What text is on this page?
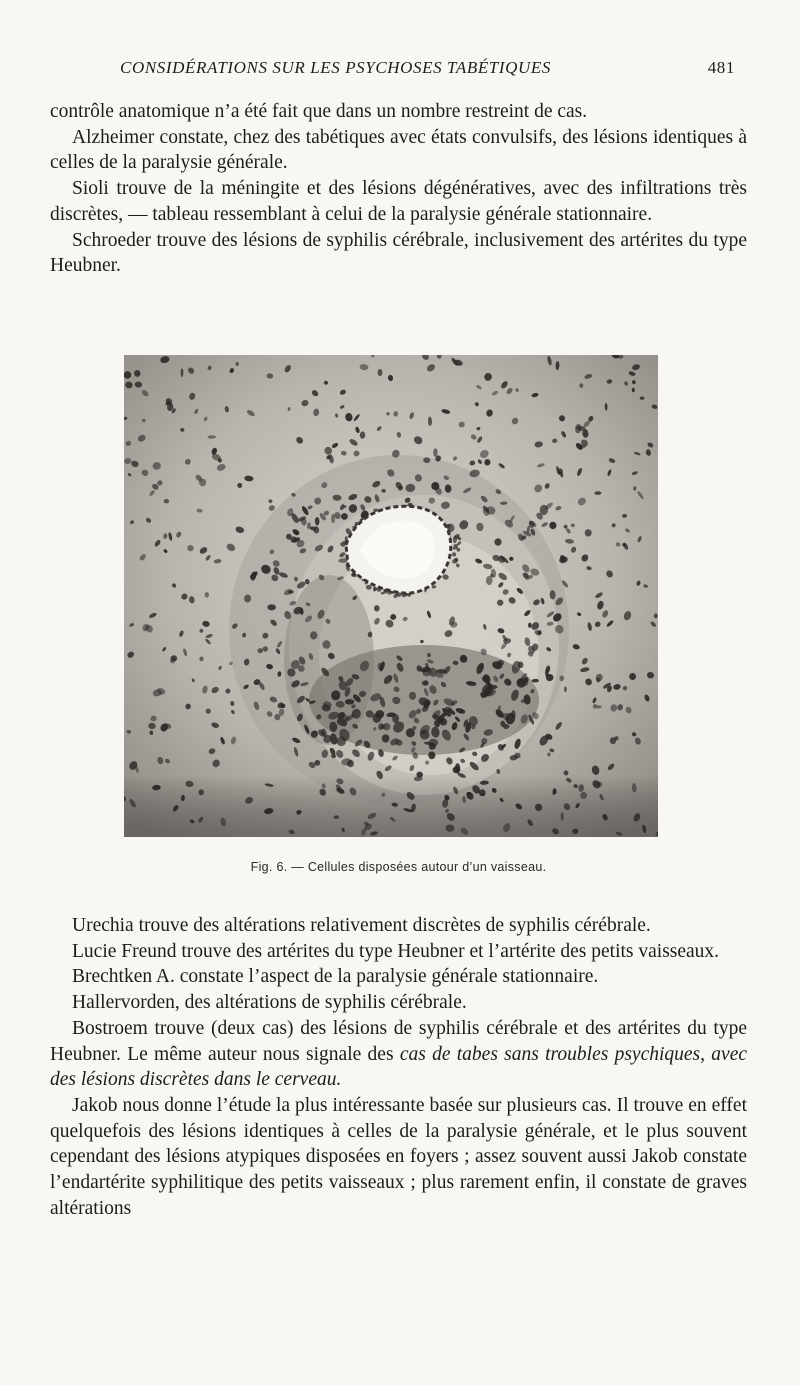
CONSIDÉRATIONS SUR LES PSYCHOSES TABÉTIQUES	481

contrôle anatomique n’a été fait que dans un nombre restreint de cas.

Alzheimer constate, chez des tabétiques avec états convulsifs, des lésions identiques à celles de la paralysie générale.

Sioli trouve de la méningite et des lésions dégénératives, avec des infiltrations très discrètes, — tableau ressemblant à celui de la paralysie générale stationnaire.

Schroeder trouve des lésions de syphilis cérébrale, inclusivement des artérites du type Heubner.

Fig. 6. — Cellules disposées autour d’un vaisseau.

Urechia trouve des altérations relativement discrètes de syphilis cérébrale.

Lucie Freund trouve des artérites du type Heubner et l’artérite des petits vaisseaux.

Brechtken A. constate l’aspect de la paralysie générale stationnaire.

Hallervorden, des altérations de syphilis cérébrale.

Bostroem trouve (deux cas) des lésions de syphilis cérébrale et des artérites du type Heubner. Le même auteur nous signale des cas de tabes sans troubles psychiques, avec des lésions discrètes dans le cerveau.

Jakob nous donne l’étude la plus intéressante basée sur plusieurs cas. Il trouve en effet quelquefois des lésions identiques à celles de la paralysie générale, et le plus souvent cependant des lésions atypiques disposées en foyers ; assez souvent aussi Jakob constate l’endartérite syphilitique des petits vaisseaux ; plus rarement enfin, il constate de graves altérations
